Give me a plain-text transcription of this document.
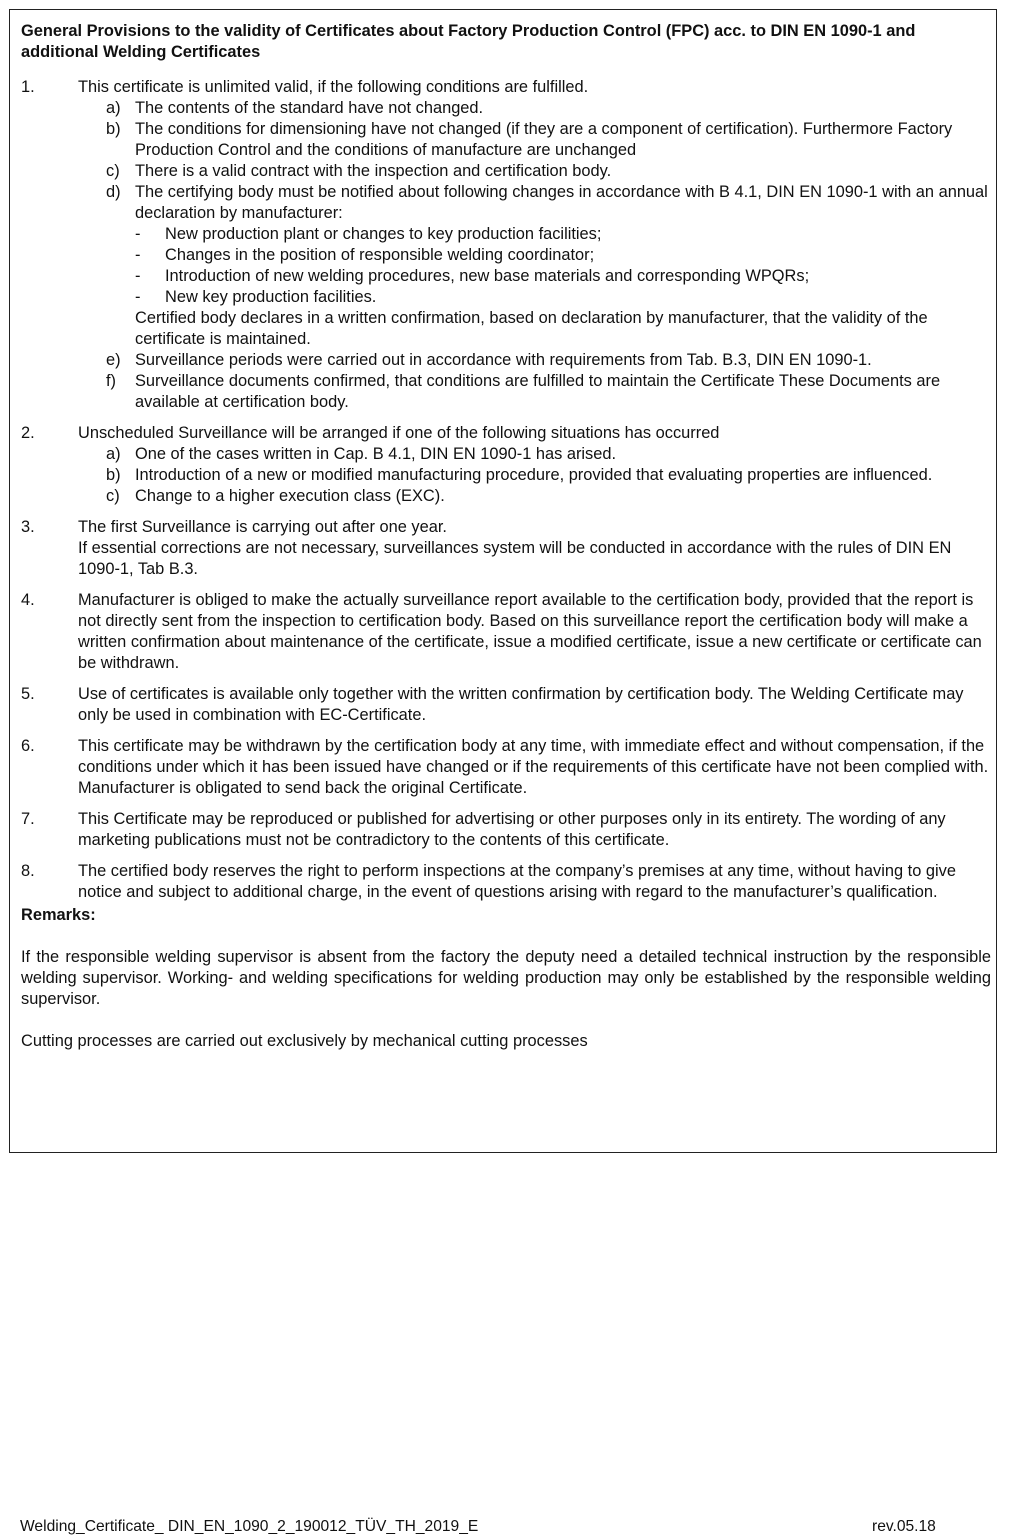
General Provisions to the validity of Certificates about Factory Production Control (FPC) acc. to DIN EN 1090-1 and additional Welding Certificates
1.	This certificate is unlimited valid, if the following conditions are fulfilled.
a) The contents of the standard have not changed.
b) The conditions for dimensioning have not changed (if they are a component of certification). Furthermore Factory Production Control and the conditions of manufacture are unchanged
c) There is a valid contract with the inspection and certification body.
d) The certifying body must be notified about following changes in accordance with B 4.1, DIN EN 1090-1 with an annual declaration by manufacturer:
- New production plant or changes to key production facilities;
- Changes in the position of responsible welding coordinator;
- Introduction of new welding procedures, new base materials and corresponding WPQRs;
- New key production facilities.
Certified body declares in a written confirmation, based on declaration by manufacturer, that the validity of the certificate is maintained.
e) Surveillance periods were carried out in accordance with requirements from Tab. B.3, DIN EN 1090-1.
f) Surveillance documents confirmed, that conditions are fulfilled to maintain the Certificate These Documents are available at certification body.
2.	Unscheduled Surveillance will be arranged if one of the following situations has occurred
a) One of the cases written in Cap. B 4.1, DIN EN 1090-1 has arised.
b) Introduction of a new or modified manufacturing procedure, provided that evaluating properties are influenced.
c) Change to a higher execution class (EXC).
3.	The first Surveillance is carrying out after one year.
If essential corrections are not necessary, surveillances system will be conducted in accordance with the rules of DIN EN 1090-1, Tab B.3.
4.	Manufacturer is obliged to make the actually surveillance report available to the certification body, provided that the report is not directly sent from the inspection to certification body. Based on this surveillance report the certification body will make a written confirmation about maintenance of the certificate, issue a modified certificate, issue a new certificate or certificate can be withdrawn.
5.	Use of certificates is available only together with the written confirmation by certification body. The Welding Certificate may only be used in combination with EC-Certificate.
6.	This certificate may be withdrawn by the certification body at any time, with immediate effect and without compensation, if the conditions under which it has been issued have changed or if the requirements of this certificate have not been complied with. Manufacturer is obligated to send back the original Certificate.
7.	This Certificate may be reproduced or published for advertising or other purposes only in its entirety. The wording of any marketing publications must not be contradictory to the contents of this certificate.
8.	The certified body reserves the right to perform inspections at the company’s premises at any time, without having to give notice and subject to additional charge, in the event of questions arising with regard to the manufacturer’s qualification.
Remarks:
If the responsible welding supervisor is absent from the factory the deputy need a detailed technical instruction by the responsible welding supervisor. Working- and welding specifications for welding production may only be established by the responsible welding supervisor.
Cutting processes are carried out exclusively by mechanical cutting processes
Welding_Certificate_ DIN_EN_1090_2_190012_TÜV_TH_2019_E	rev.05.18
